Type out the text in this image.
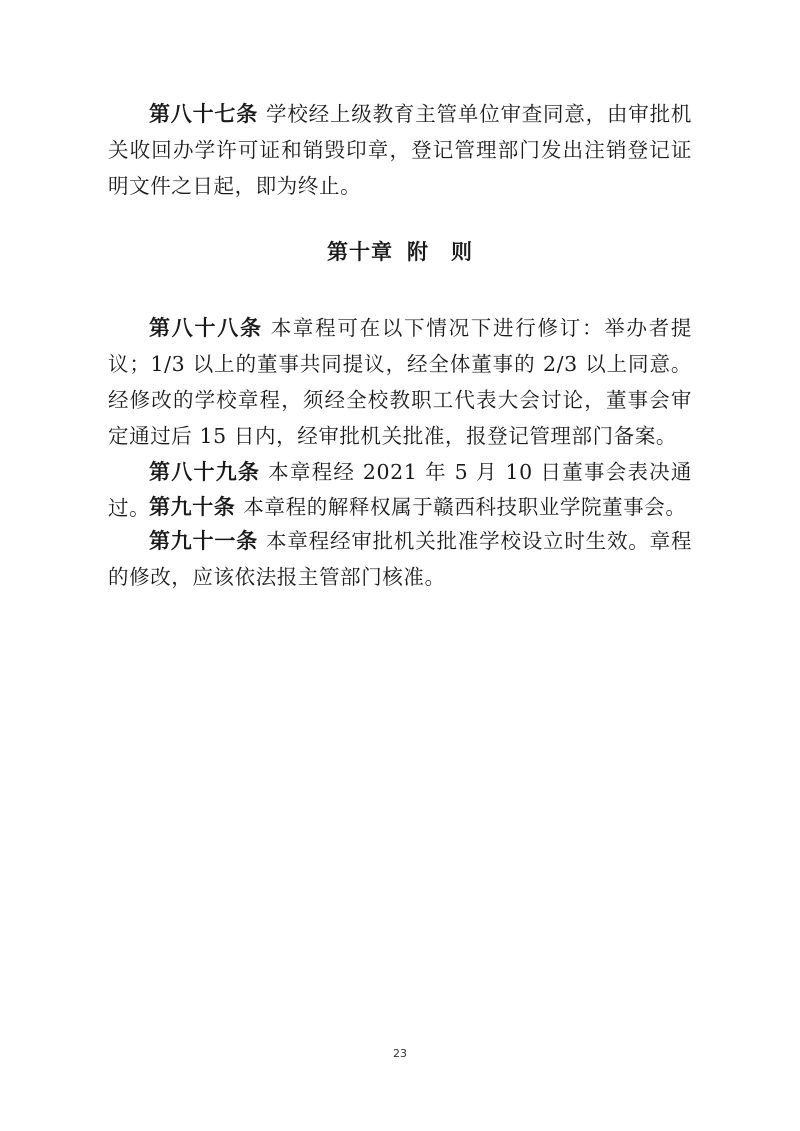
第八十七条 学校经上级教育主管单位审查同意，由审批机关收回办学许可证和销毁印章，登记管理部门发出注销登记证明文件之日起，即为终止。

第十章 附 则

第八十八条 本章程可在以下情况下进行修订：举办者提议；1/3 以上的董事共同提议，经全体董事的 2/3 以上同意。经修改的学校章程，须经全校教职工代表大会讨论，董事会审定通过后 15 日内，经审批机关批准，报登记管理部门备案。

第八十九条 本章程经 2021 年 5 月 10 日董事会表决通过。

第九十条 本章程的解释权属于赣西科技职业学院董事会。

第九十一条 本章程经审批机关批准学校设立时生效。章程的修改，应该依法报主管部门核准。

23
